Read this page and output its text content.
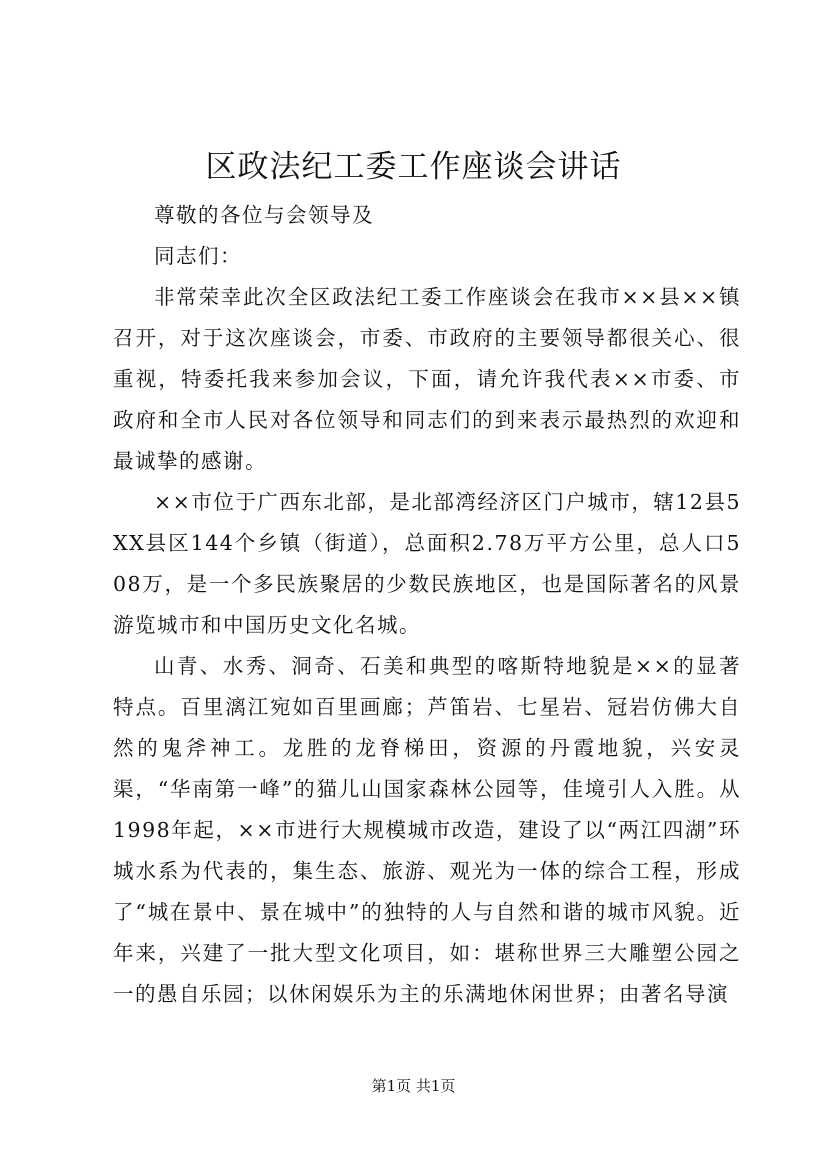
区政法纪工委工作座谈会讲话

尊敬的各位与会领导及

同志们：

非常荣幸此次全区政法纪工委工作座谈会在我市××县××镇召开，对于这次座谈会，市委、市政府的主要领导都很关心、很重视，特委托我来参加会议，下面，请允许我代表××市委、市政府和全市人民对各位领导和同志们的到来表示最热烈的欢迎和最诚挚的感谢。

××市位于广西东北部，是北部湾经济区门户城市，辖12县5XX县区144个乡镇（街道），总面积2.78万平方公里，总人口508万，是一个多民族聚居的少数民族地区，也是国际著名的风景游览城市和中国历史文化名城。

山青、水秀、洞奇、石美和典型的喀斯特地貌是××的显著特点。百里漓江宛如百里画廊；芦笛岩、七星岩、冠岩仿佛大自然的鬼斧神工。龙胜的龙脊梯田，资源的丹霞地貌，兴安灵渠，“华南第一峰”的猫儿山国家森林公园等，佳境引人入胜。从1998年起，××市进行大规模城市改造，建设了以“两江四湖”环城水系为代表的，集生态、旅游、观光为一体的综合工程，形成了“城在景中、景在城中”的独特的人与自然和谐的城市风貌。近年来，兴建了一批大型文化项目，如：堪称世界三大雕塑公园之一的愚自乐园；以休闲娱乐为主的乐满地休闲世界；由著名导演

第1页 共1页
